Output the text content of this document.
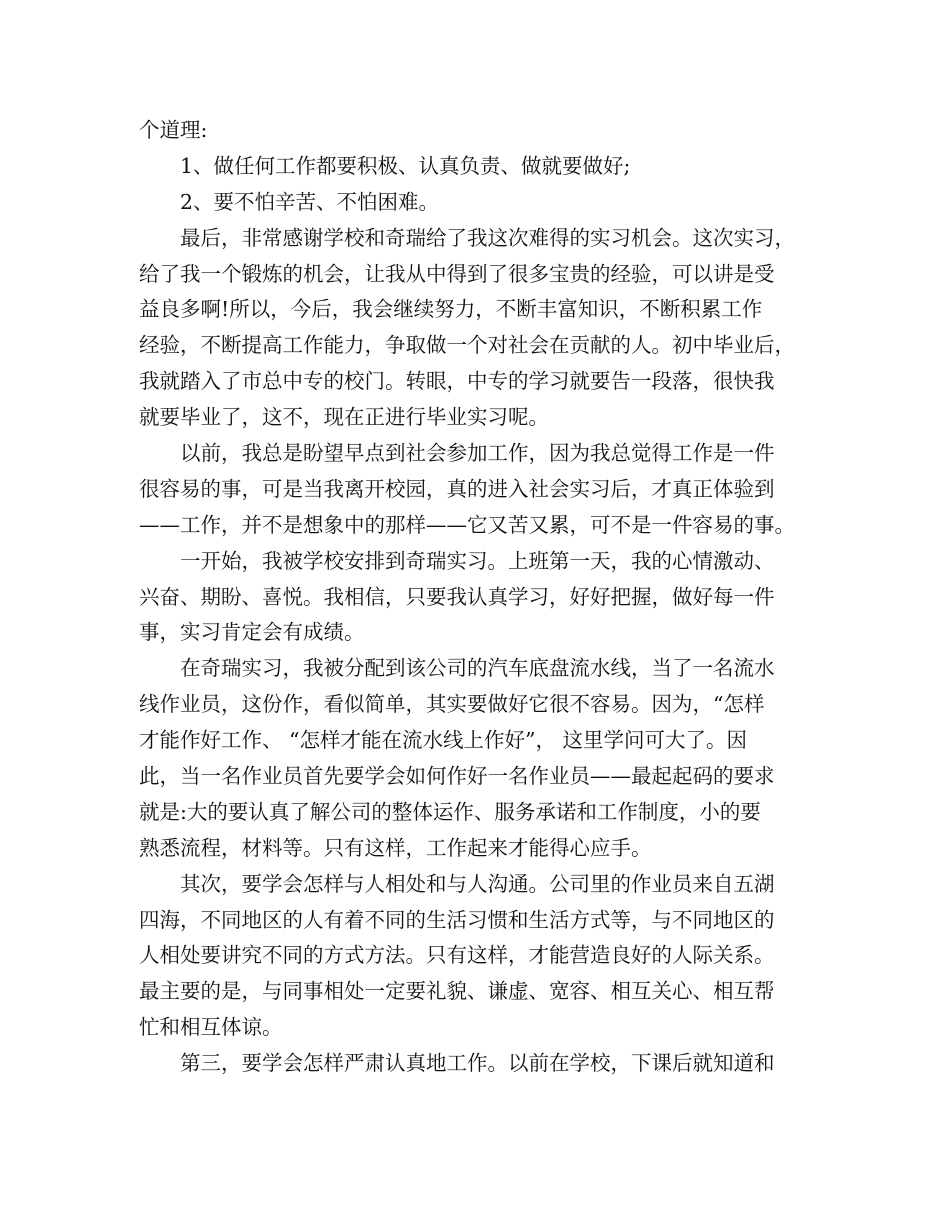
个道理:
1、做任何工作都要积极、认真负责、做就要做好;
2、要不怕辛苦、不怕困难。
最后，非常感谢学校和奇瑞给了我这次难得的实习机会。这次实习，
给了我一个锻炼的机会，让我从中得到了很多宝贵的经验，可以讲是受
益良多啊!所以，今后，我会继续努力，不断丰富知识，不断积累工作
经验，不断提高工作能力，争取做一个对社会在贡献的人。初中毕业后，
我就踏入了市总中专的校门。转眼，中专的学习就要告一段落，很快我
就要毕业了，这不，现在正进行毕业实习呢。
以前，我总是盼望早点到社会参加工作，因为我总觉得工作是一件
很容易的事，可是当我离开校园，真的进入社会实习后，才真正体验到
——工作，并不是想象中的那样——它又苦又累，可不是一件容易的事。
一开始，我被学校安排到奇瑞实习。上班第一天，我的心情激动、
兴奋、期盼、喜悦。我相信，只要我认真学习，好好把握，做好每一件
事，实习肯定会有成绩。
在奇瑞实习，我被分配到该公司的汽车底盘流水线，当了一名流水
线作业员，这份作，看似简单，其实要做好它很不容易。因为，“怎样
才能作好工作、 “怎样才能在流水线上作好”， 这里学问可大了。因
此，当一名作业员首先要学会如何作好一名作业员——最起起码的要求
就是:大的要认真了解公司的整体运作、服务承诺和工作制度，小的要
熟悉流程，材料等。只有这样，工作起来才能得心应手。
其次，要学会怎样与人相处和与人沟通。公司里的作业员来自五湖
四海，不同地区的人有着不同的生活习惯和生活方式等，与不同地区的
人相处要讲究不同的方式方法。只有这样，才能营造良好的人际关系。
最主要的是，与同事相处一定要礼貌、谦虚、宽容、相互关心、相互帮
忙和相互体谅。
第三，要学会怎样严肃认真地工作。以前在学校，下课后就知道和
